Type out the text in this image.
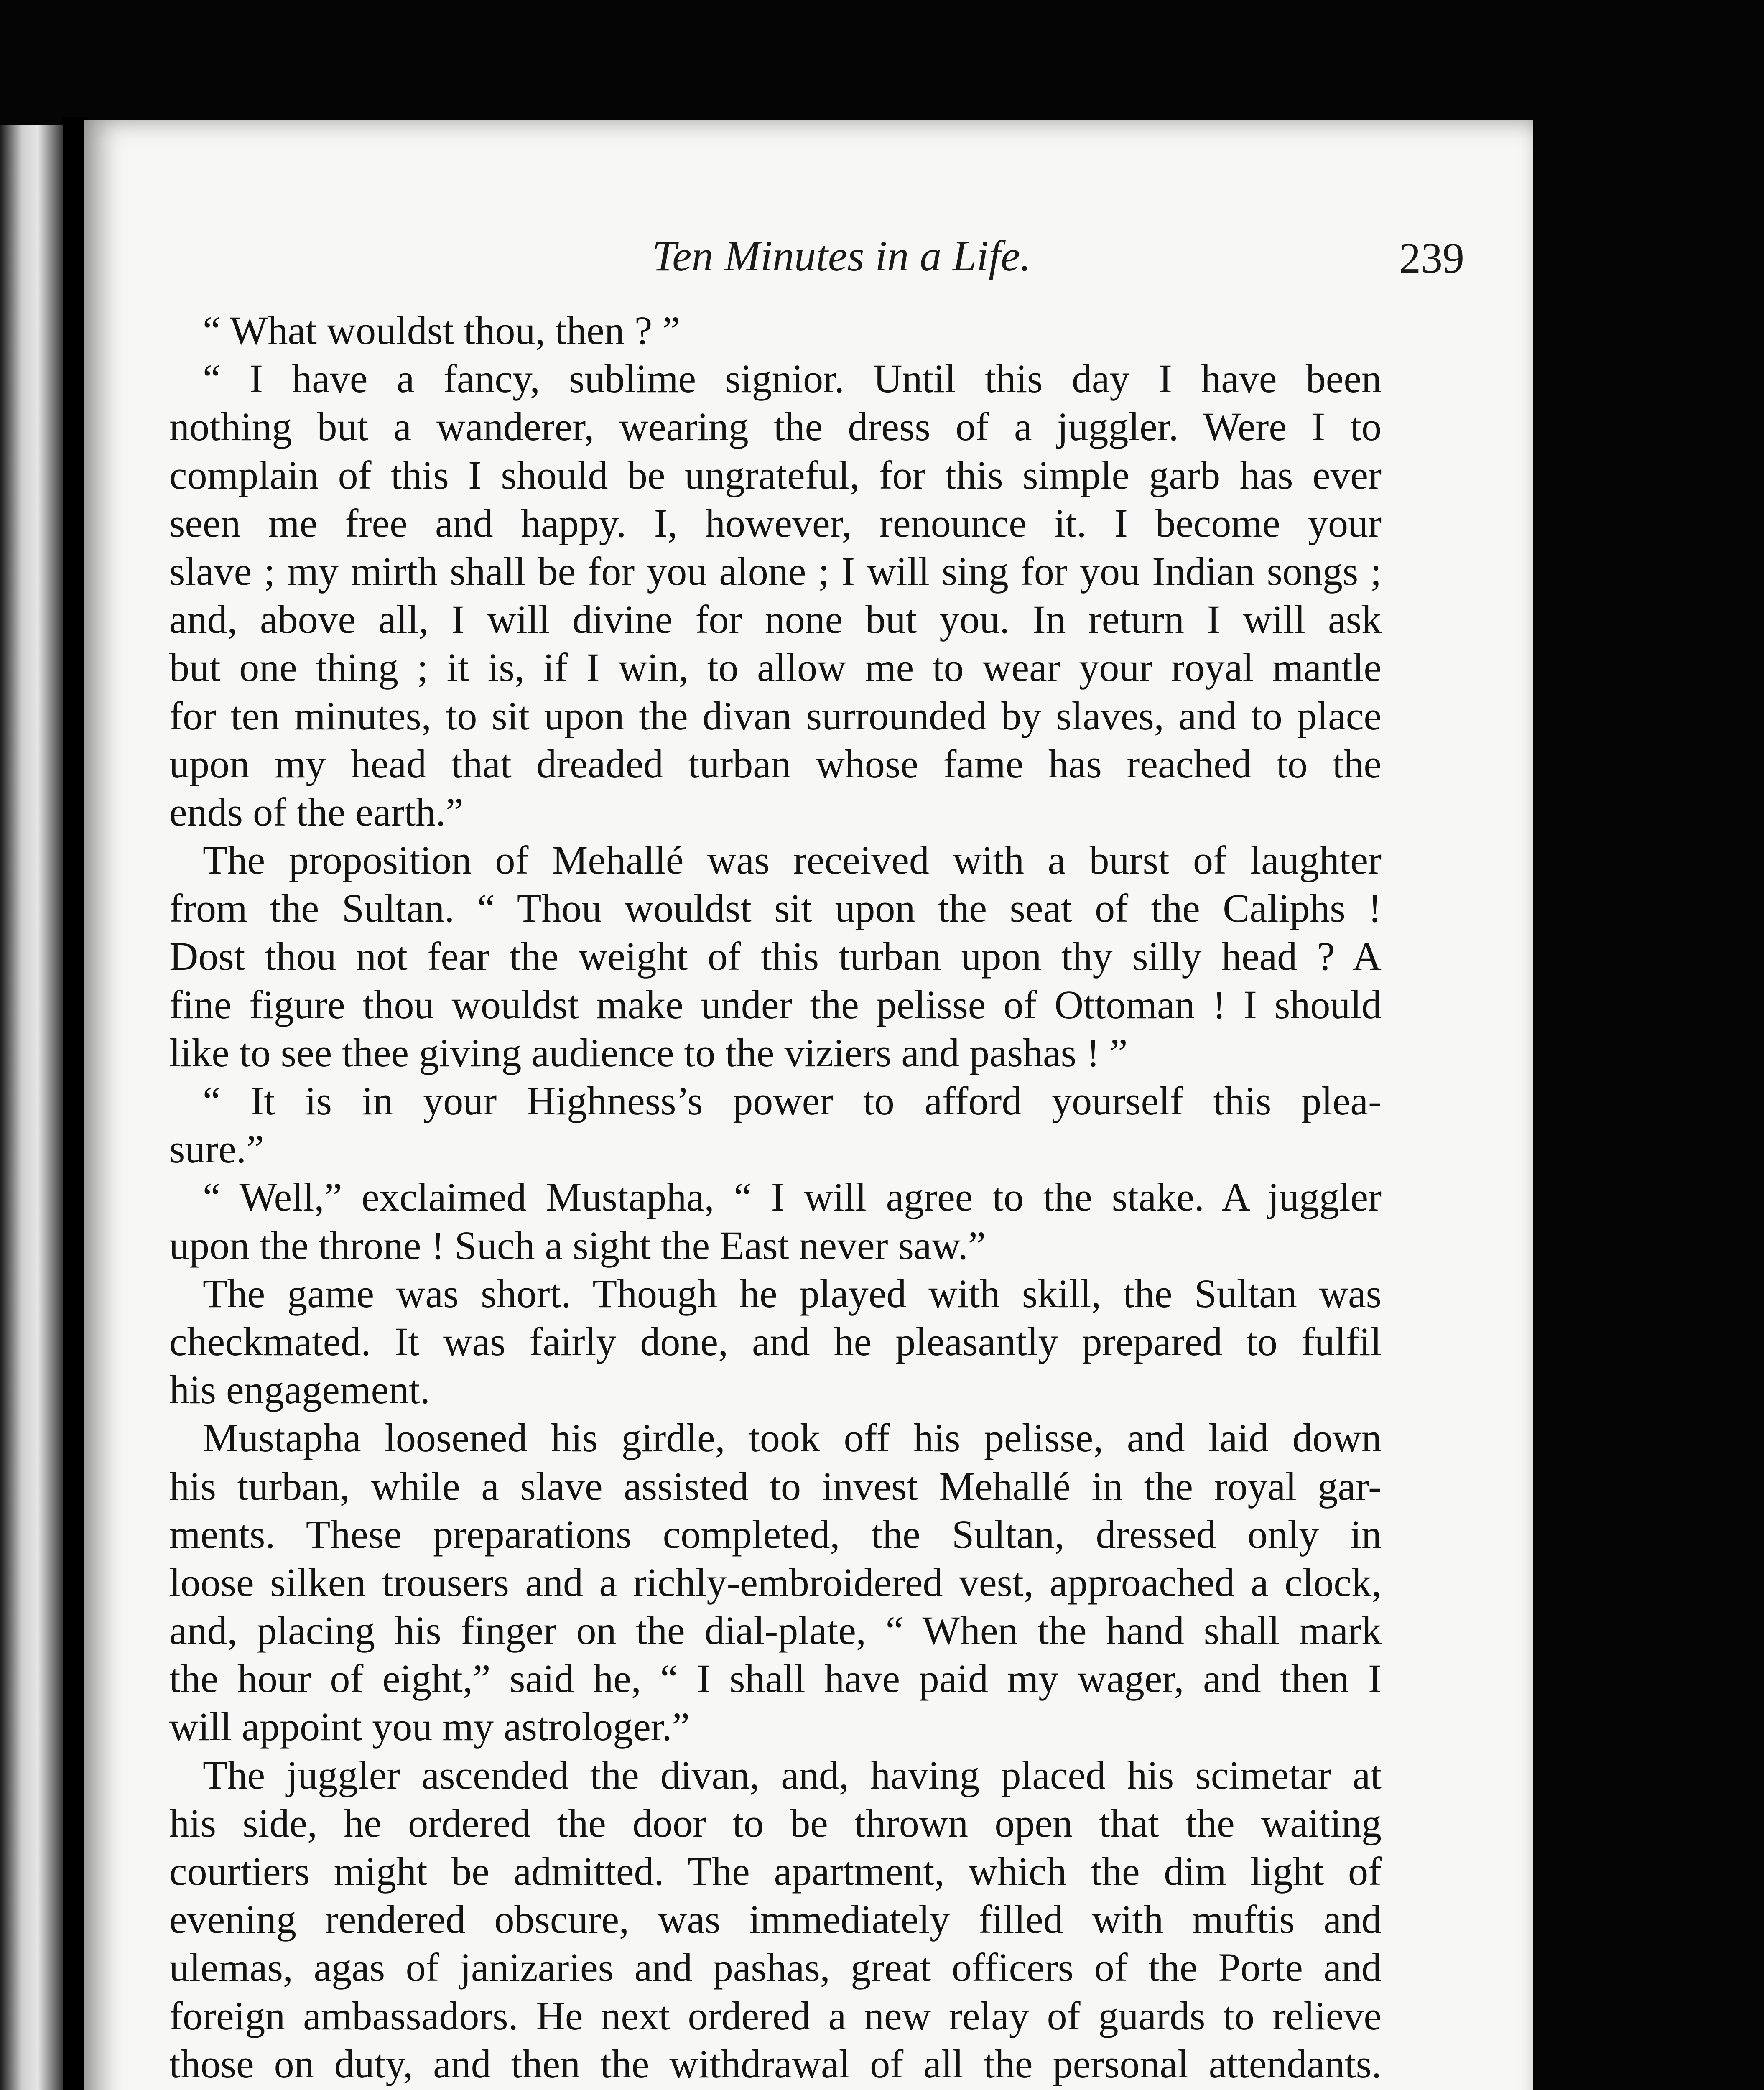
Ten Minutes in a Life.	239
“ What wouldst thou, then ? ”
“ I have a fancy, sublime signior. Until this day I have been
nothing but a wanderer, wearing the dress of a juggler. Were I to
complain of this I should be ungrateful, for this simple garb has ever
seen me free and happy. I, however, renounce it. I become your
slave ; my mirth shall be for you alone ; I will sing for you Indian songs ;
and, above all, I will divine for none but you. In return I will ask
but one thing ; it is, if I win, to allow me to wear your royal mantle
for ten minutes, to sit upon the divan surrounded by slaves, and to place
upon my head that dreaded turban whose fame has reached to the
ends of the earth.”
The proposition of Mehallé was received with a burst of laughter
from the Sultan. “ Thou wouldst sit upon the seat of the Caliphs !
Dost thou not fear the weight of this turban upon thy silly head ? A
fine figure thou wouldst make under the pelisse of Ottoman ! I should
like to see thee giving audience to the viziers and pashas ! ”
“ It is in your Highness’s power to afford yourself this plea-
sure.”
“ Well,” exclaimed Mustapha, “ I will agree to the stake. A juggler
upon the throne ! Such a sight the East never saw.”
The game was short. Though he played with skill, the Sultan was
checkmated. It was fairly done, and he pleasantly prepared to fulfil
his engagement.
Mustapha loosened his girdle, took off his pelisse, and laid down
his turban, while a slave assisted to invest Mehallé in the royal gar-
ments. These preparations completed, the Sultan, dressed only in
loose silken trousers and a richly-embroidered vest, approached a clock,
and, placing his finger on the dial-plate, “ When the hand shall mark
the hour of eight,” said he, “ I shall have paid my wager, and then I
will appoint you my astrologer.”
The juggler ascended the divan, and, having placed his scimetar at
his side, he ordered the door to be thrown open that the waiting
courtiers might be admitted. The apartment, which the dim light of
evening rendered obscure, was immediately filled with muftis and
ulemas, agas of janizaries and pashas, great officers of the Porte and
foreign ambassadors. He next ordered a new relay of guards to relieve
those on duty, and then the withdrawal of all the personal attendants.
